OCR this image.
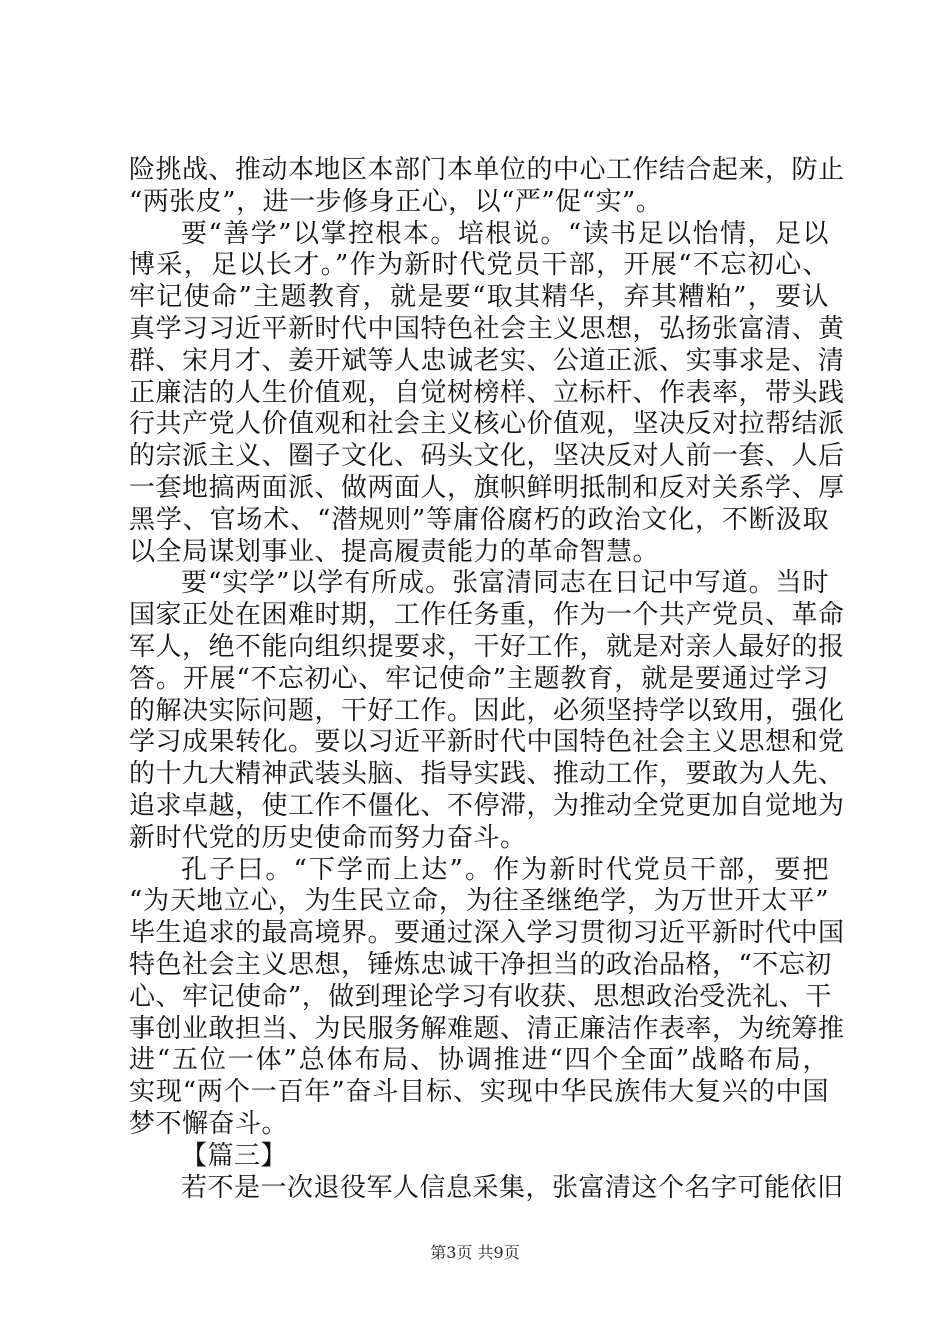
险挑战、推动本地区本部门本单位的中心工作结合起来，防止
“两张皮”，进一步修身正心，以“严”促“实”。
要“善学”以掌控根本。培根说。“读书足以怡情，足以
博采，足以长才。”作为新时代党员干部，开展“不忘初心、
牢记使命”主题教育，就是要“取其精华，弃其糟粕”，要认
真学习习近平新时代中国特色社会主义思想，弘扬张富清、黄
群、宋月才、姜开斌等人忠诚老实、公道正派、实事求是、清
正廉洁的人生价值观，自觉树榜样、立标杆、作表率，带头践
行共产党人价值观和社会主义核心价值观，坚决反对拉帮结派
的宗派主义、圈子文化、码头文化，坚决反对人前一套、人后
一套地搞两面派、做两面人，旗帜鲜明抵制和反对关系学、厚
黑学、官场术、“潜规则”等庸俗腐朽的政治文化，不断汲取
以全局谋划事业、提高履责能力的革命智慧。
要“实学”以学有所成。张富清同志在日记中写道。当时
国家正处在困难时期，工作任务重，作为一个共产党员、革命
军人，绝不能向组织提要求，干好工作，就是对亲人最好的报
答。开展“不忘初心、牢记使命”主题教育，就是要通过学习
的解决实际问题，干好工作。因此，必须坚持学以致用，强化
学习成果转化。要以习近平新时代中国特色社会主义思想和党
的十九大精神武装头脑、指导实践、推动工作，要敢为人先、
追求卓越，使工作不僵化、不停滞，为推动全党更加自觉地为
新时代党的历史使命而努力奋斗。
孔子曰。“下学而上达”。作为新时代党员干部，要把
“为天地立心，为生民立命，为往圣继绝学，为万世开太平”
毕生追求的最高境界。要通过深入学习贯彻习近平新时代中国
特色社会主义思想，锤炼忠诚干净担当的政治品格，“不忘初
心、牢记使命”，做到理论学习有收获、思想政治受洗礼、干
事创业敢担当、为民服务解难题、清正廉洁作表率，为统筹推
进“五位一体”总体布局、协调推进“四个全面”战略布局，
实现“两个一百年”奋斗目标、实现中华民族伟大复兴的中国
梦不懈奋斗。
【篇三】
若不是一次退役军人信息采集，张富清这个名字可能依旧
第3页 共9页
